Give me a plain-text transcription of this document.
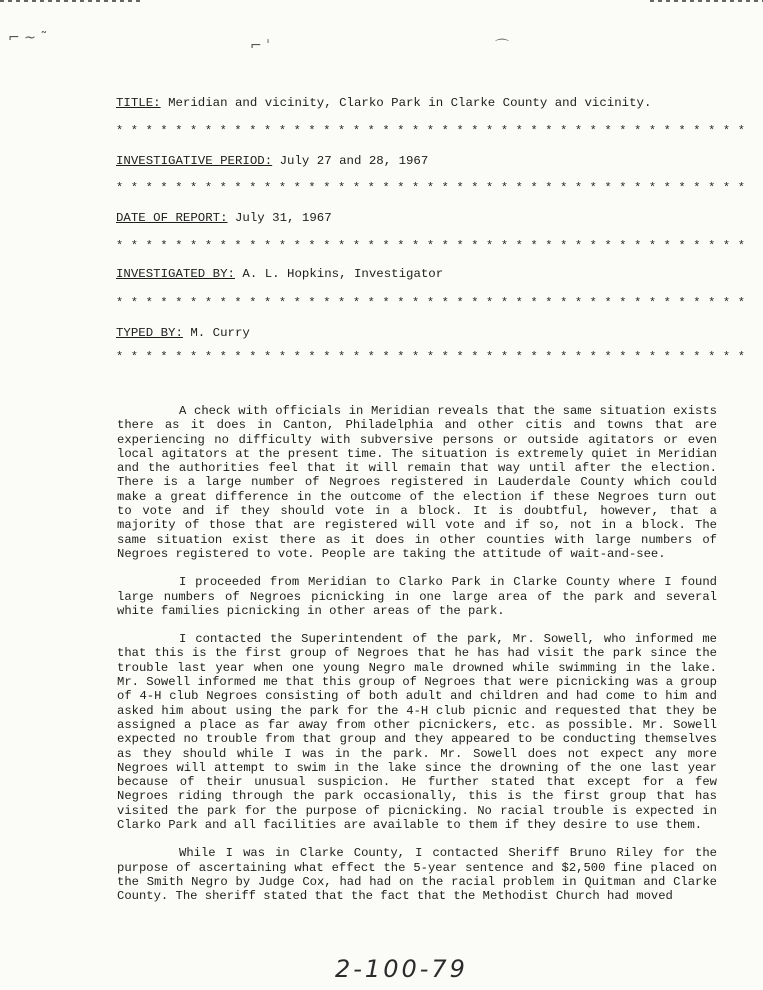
⌐ ~ ˜	⌐ ˈ	⌒
TITLE: Meridian and vicinity, Clarko Park in Clarke County and vicinity.
* * * * * * * * * * * * * * * * * * * * * * * * * * * * * * * * * * * * * * * * * * *
INVESTIGATIVE PERIOD: July 27 and 28, 1967
* * * * * * * * * * * * * * * * * * * * * * * * * * * * * * * * * * * * * * * * * * *
DATE OF REPORT: July 31, 1967
* * * * * * * * * * * * * * * * * * * * * * * * * * * * * * * * * * * * * * * * * * *
INVESTIGATED BY: A. L. Hopkins, Investigator
* * * * * * * * * * * * * * * * * * * * * * * * * * * * * * * * * * * * * * * * * * *
TYPED BY: M. Curry
* * * * * * * * * * * * * * * * * * * * * * * * * * * * * * * * * * * * * * * * * * *

A check with officials in Meridian reveals that the same situation exists there as it does in Canton, Philadelphia and other citis and towns that are experiencing no difficulty with subversive persons or outside agitators or even local agitators at the present time. The situation is extremely quiet in Meridian and the authorities feel that it will remain that way until after the election. There is a large number of Negroes registered in Lauderdale County which could make a great difference in the outcome of the election if these Negroes turn out to vote and if they should vote in a block. It is doubtful, however, that a majority of those that are registered will vote and if so, not in a block. The same situation exist there as it does in other counties with large numbers of Negroes registered to vote. People are taking the attitude of wait-and-see.

I proceeded from Meridian to Clarko Park in Clarke County where I found large numbers of Negroes picnicking in one large area of the park and several white families picnicking in other areas of the park.

I contacted the Superintendent of the park, Mr. Sowell, who informed me that this is the first group of Negroes that he has had visit the park since the trouble last year when one young Negro male drowned while swimming in the lake. Mr. Sowell informed me that this group of Negroes that were picnicking was a group of 4-H club Negroes consisting of both adult and children and had come to him and asked him about using the park for the 4-H club picnic and requested that they be assigned a place as far away from other picnickers, etc. as possible. Mr. Sowell expected no trouble from that group and they appeared to be conducting themselves as they should while I was in the park. Mr. Sowell does not expect any more Negroes will attempt to swim in the lake since the drowning of the one last year because of their unusual suspicion. He further stated that except for a few Negroes riding through the park occasionally, this is the first group that has visited the park for the purpose of picnicking. No racial trouble is expected in Clarko Park and all facilities are available to them if they desire to use them.

While I was in Clarke County, I contacted Sheriff Bruno Riley for the purpose of ascertaining what effect the 5-year sentence and $2,500 fine placed on the Smith Negro by Judge Cox, had had on the racial problem in Quitman and Clarke County. The sheriff stated that the fact that the Methodist Church had moved

2-100-79
